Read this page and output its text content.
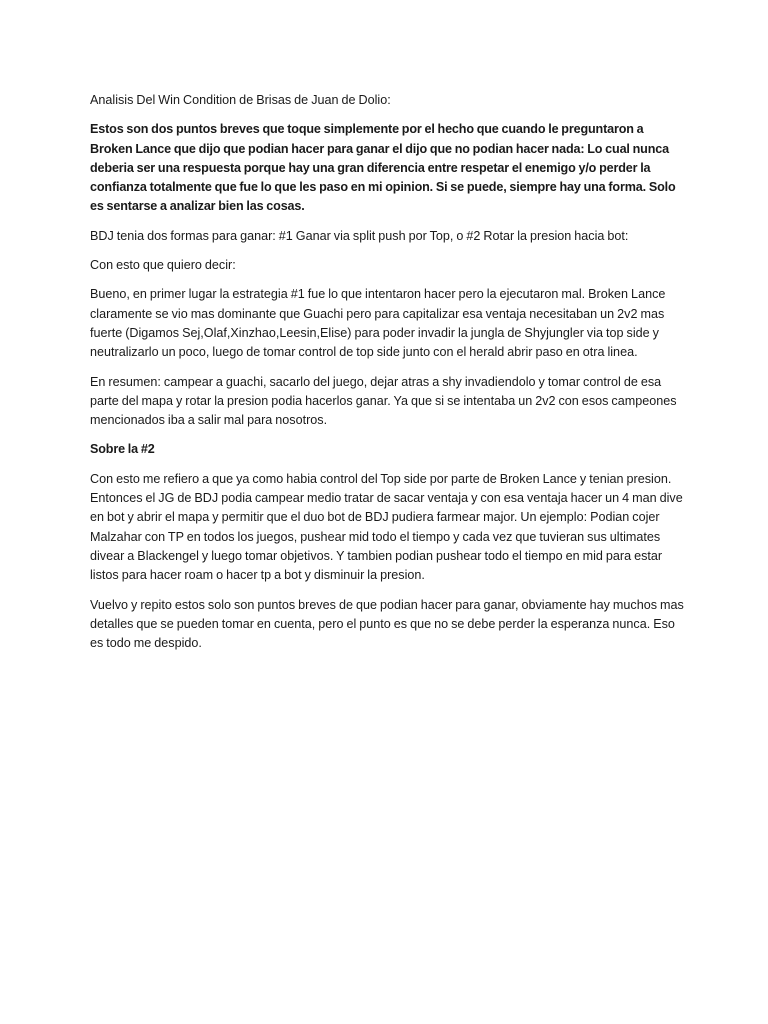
Analisis Del Win Condition de Brisas de Juan de Dolio:

Estos son dos puntos breves que toque simplemente por el hecho que cuando le preguntaron a Broken Lance que dijo que podian hacer para ganar el dijo que no podian hacer nada: Lo cual nunca deberia ser una respuesta porque hay una gran diferencia entre respetar el enemigo y/o perder la confianza totalmente que fue lo que les paso en mi opinion. Si se puede, siempre hay una forma. Solo es sentarse a analizar bien las cosas.

BDJ tenia dos formas para ganar: #1 Ganar via split push por Top, o #2 Rotar la presion hacia bot:

Con esto que quiero decir:

Bueno, en primer lugar la estrategia #1 fue lo que intentaron hacer pero la ejecutaron mal. Broken Lance claramente se vio mas dominante que Guachi pero para capitalizar esa ventaja necesitaban un 2v2 mas fuerte (Digamos Sej,Olaf,Xinzhao,Leesin,Elise) para poder invadir la jungla de Shyjungler via top side y neutralizarlo un poco, luego de tomar control de top side junto con el herald abrir paso en otra linea.

En resumen: campear a guachi, sacarlo del juego, dejar atras a shy invadiendolo y tomar control de esa parte del mapa y rotar la presion podia hacerlos ganar. Ya que si se intentaba un 2v2 con esos campeones mencionados iba a salir mal para nosotros.

Sobre la #2

Con esto me refiero a que ya como habia control del Top side por parte de Broken Lance y tenian presion. Entonces el JG de BDJ podia campear medio tratar de sacar ventaja y con esa ventaja hacer un 4 man dive en bot y abrir el mapa y permitir que el duo bot de BDJ pudiera farmear major. Un ejemplo: Podian cojer Malzahar con TP en todos los juegos, pushear mid todo el tiempo y cada vez que tuvieran sus ultimates divear a Blackengel y luego tomar objetivos. Y tambien podian pushear todo el tiempo en mid para estar listos para hacer roam o hacer tp a bot y disminuir la presion.

Vuelvo y repito estos solo son puntos breves de que podian hacer para ganar, obviamente hay muchos mas detalles que se pueden tomar en cuenta, pero el punto es que no se debe perder la esperanza nunca. Eso es todo me despido.
